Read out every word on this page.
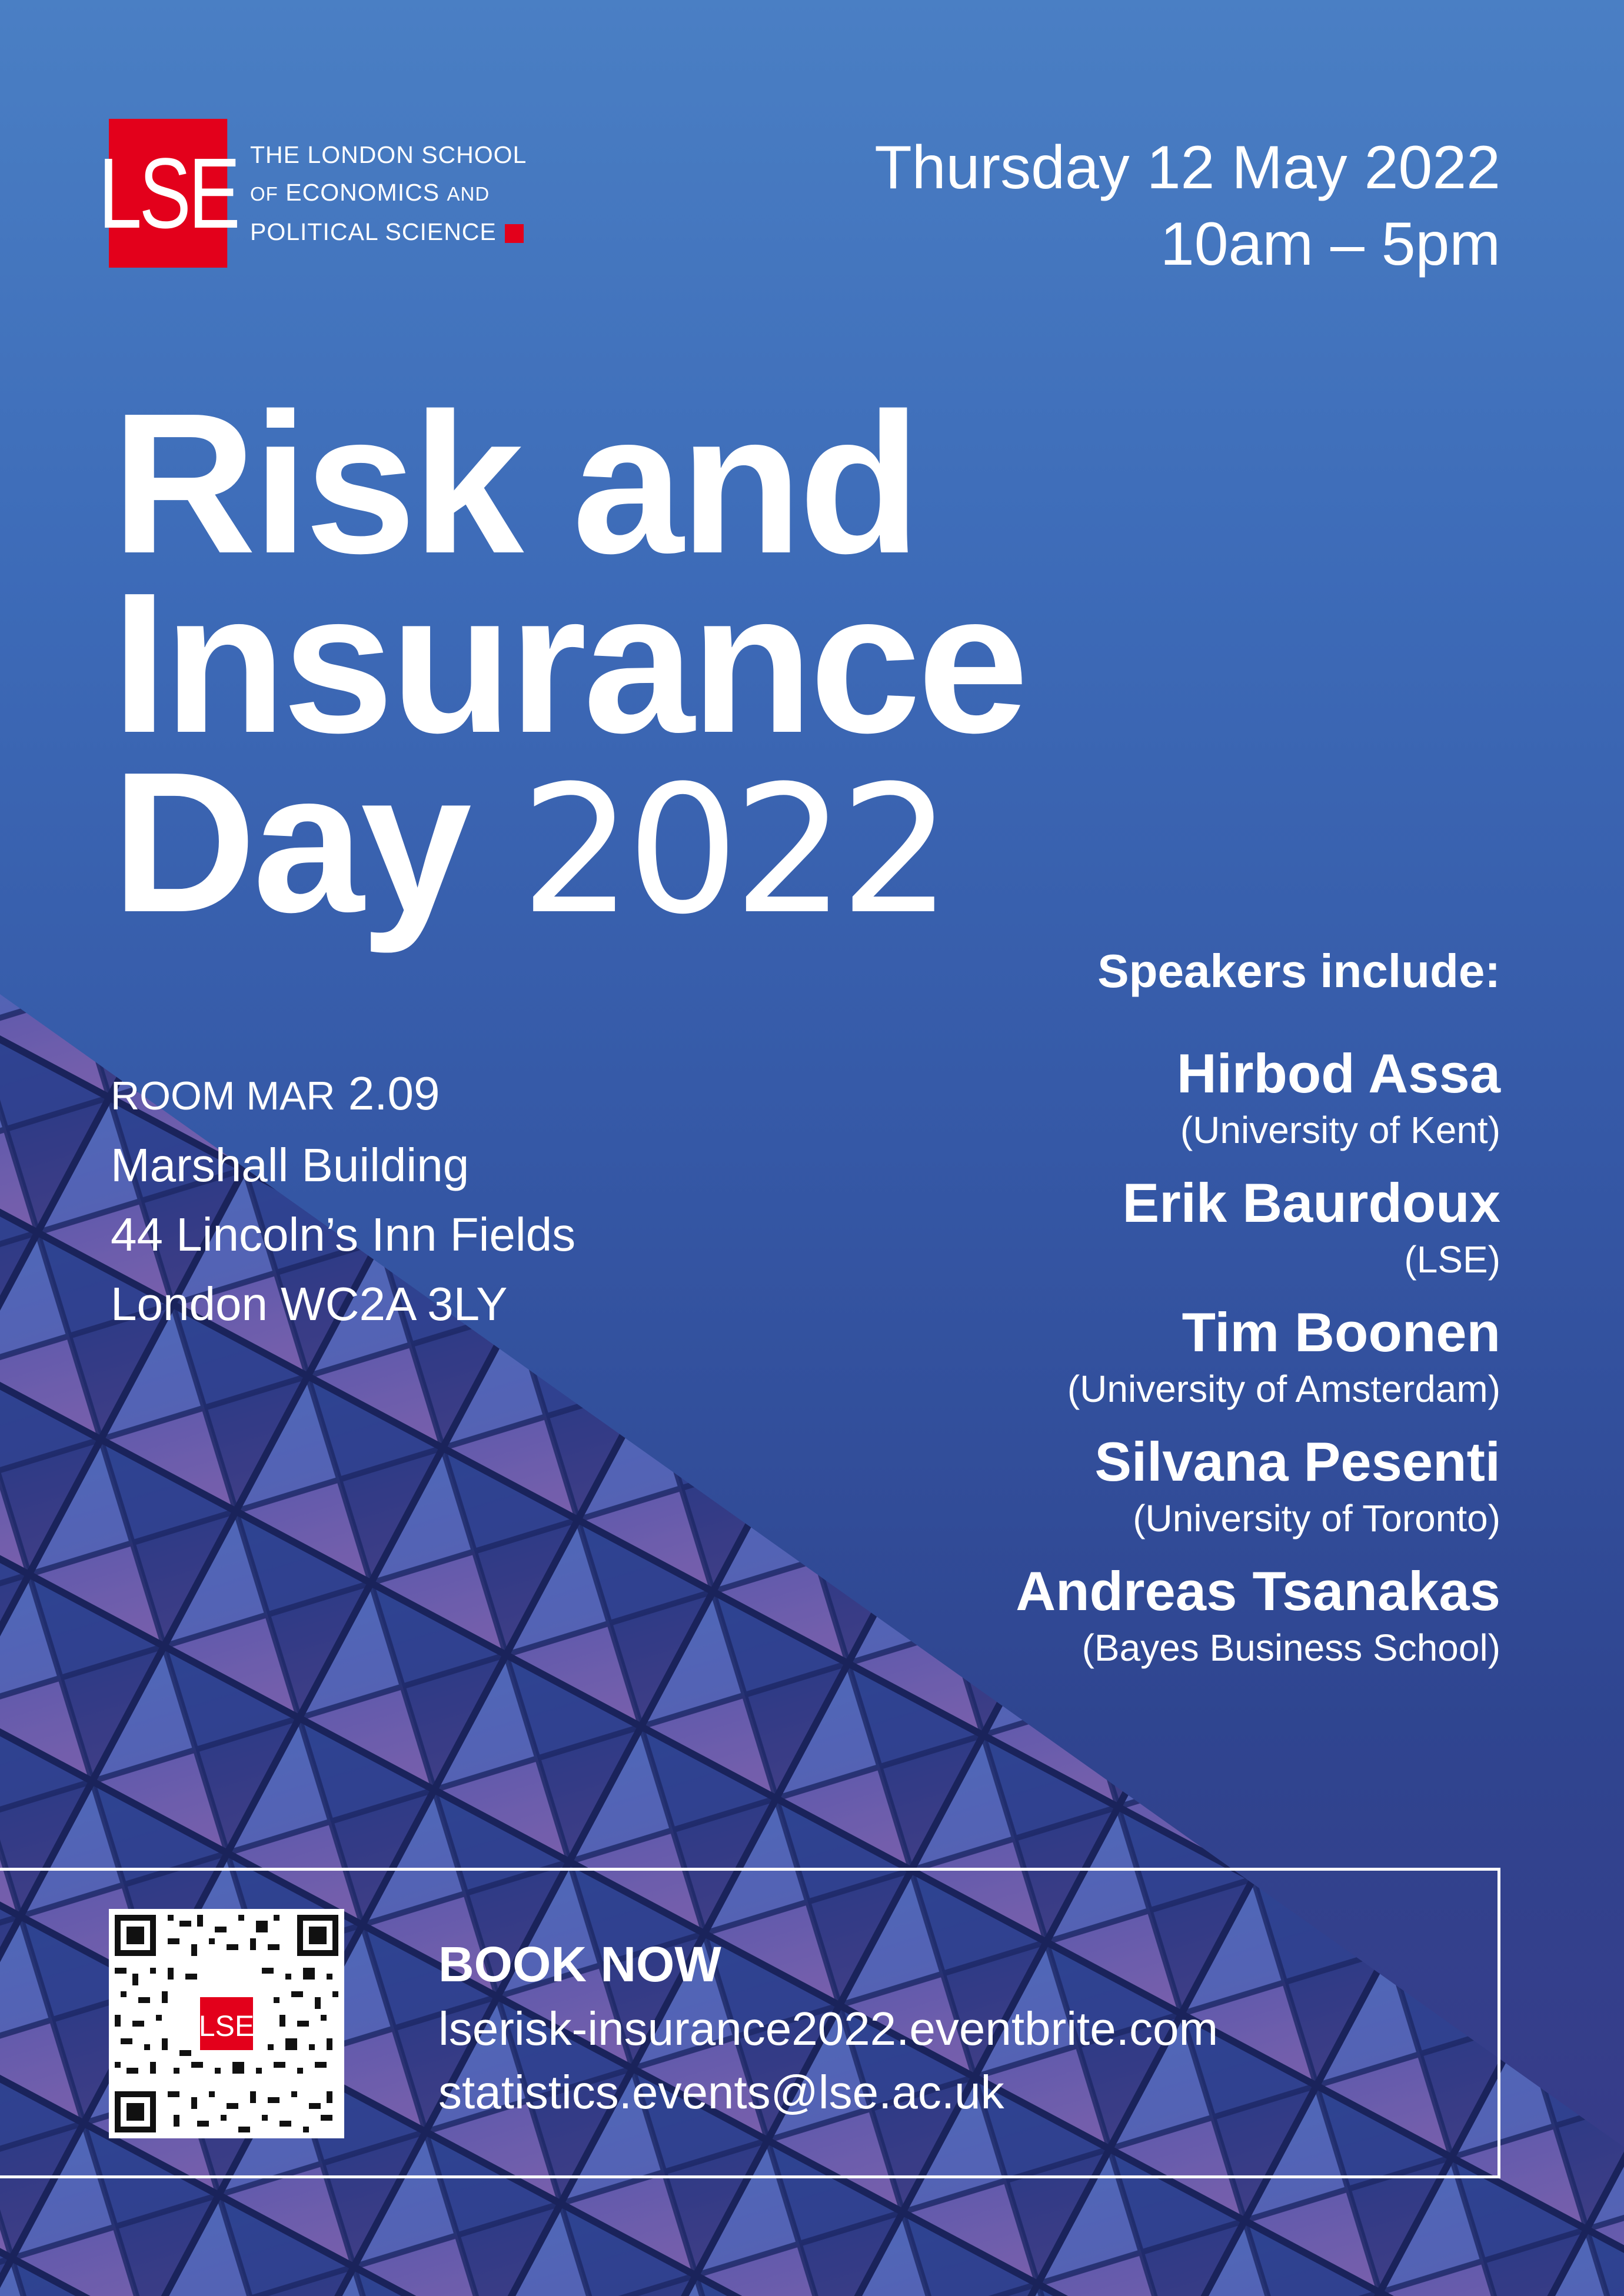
LSE THE LONDON SCHOOL
OF ECONOMICS AND
POLITICAL SCIENCE
Thursday 12 May 2022
10am – 5pm
Risk and
Insurance
Day 2022
ROOM MAR 2.09
Marshall Building
44 Lincoln’s Inn Fields
London WC2A 3LY
Speakers include:
Hirbod Assa
(University of Kent)
Erik Baurdoux
(LSE)
Tim Boonen
(University of Amsterdam)
Silvana Pesenti
(University of Toronto)
Andreas Tsanakas
(Bayes Business School)
LSE
BOOK NOW
lserisk-insurance2022.eventbrite.com
statistics.events@lse.ac.uk
